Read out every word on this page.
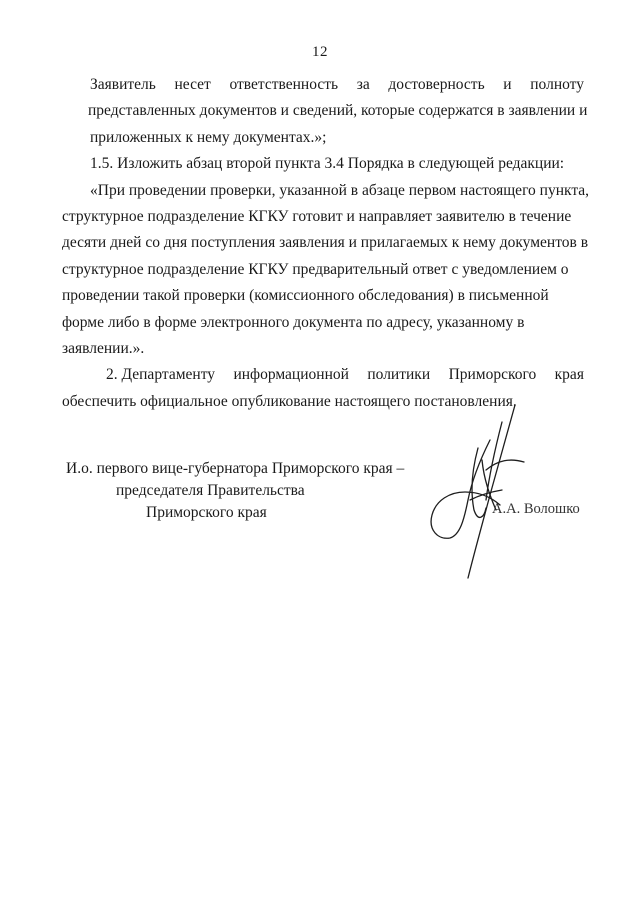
12
Заявитель несет ответственность за достоверность и полноту
представленных документов и сведений, которые содержатся в заявлении и
приложенных к нему документах.»;
1.5. Изложить абзац второй пункта 3.4 Порядка в следующей редакции:
«При проведении проверки, указанной в абзаце первом настоящего пункта,
структурное подразделение КГКУ готовит и направляет заявителю в течение
десяти дней со дня поступления заявления и прилагаемых к нему документов в
структурное подразделение КГКУ предварительный ответ с уведомлением о
проведении такой проверки (комиссионного обследования) в письменной
форме либо в форме электронного документа по адресу, указанному в
заявлении.».
2. Департаменту информационной политики Приморского края
обеспечить официальное опубликование настоящего постановления.
И.о. первого вице-губернатора Приморского края –
председателя Правительства
Приморского края	А.А. Волошко
